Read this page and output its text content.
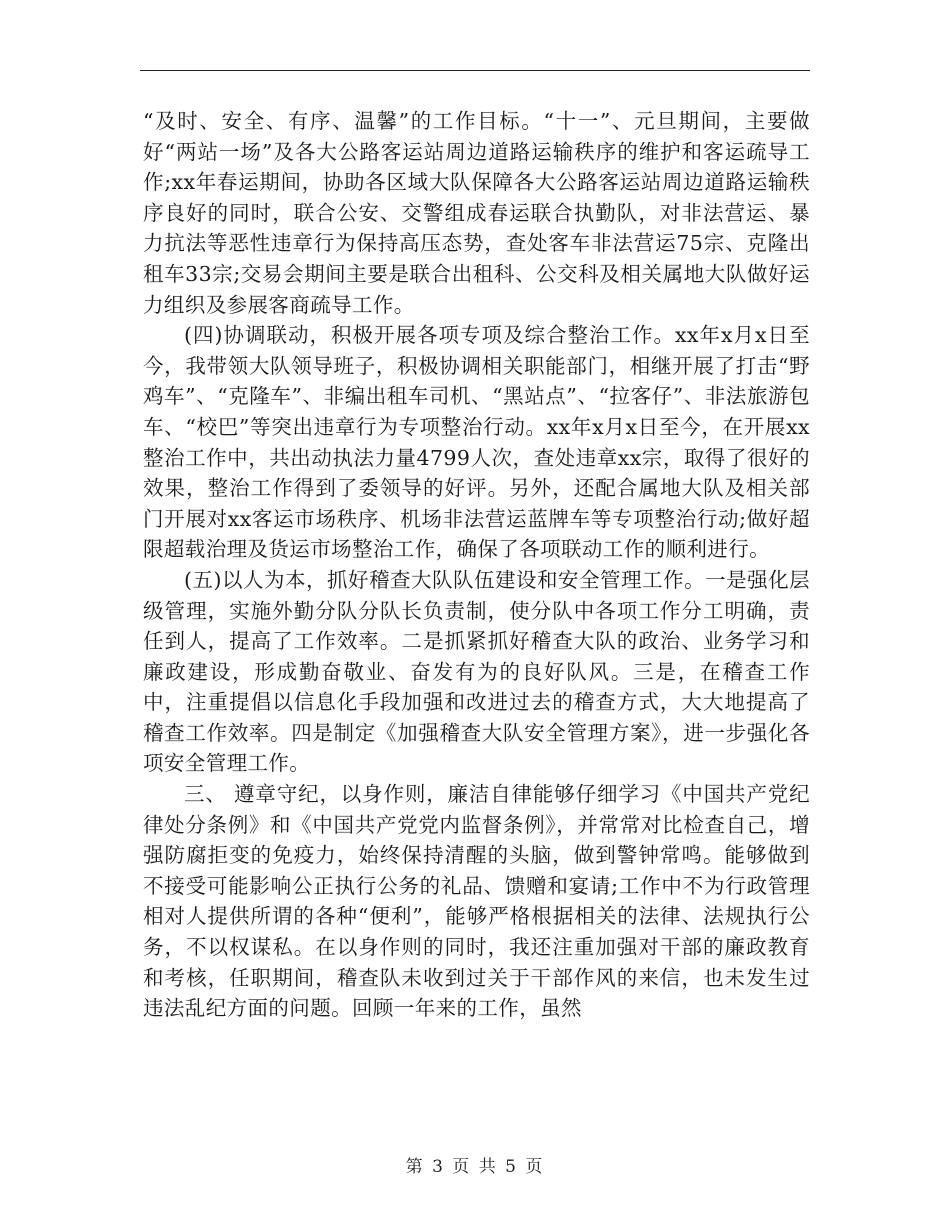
“及时、安全、有序、温馨”的工作目标。“十一”、元旦期间，主要做好“两站一场”及各大公路客运站周边道路运输秩序的维护和客运疏导工作;xx年春运期间，协助各区域大队保障各大公路客运站周边道路运输秩序良好的同时，联合公安、交警组成春运联合执勤队，对非法营运、暴力抗法等恶性违章行为保持高压态势，查处客车非法营运75宗、克隆出租车33宗;交易会期间主要是联合出租科、公交科及相关属地大队做好运力组织及参展客商疏导工作。

(四)协调联动，积极开展各项专项及综合整治工作。xx年x月x日至今，我带领大队领导班子，积极协调相关职能部门，相继开展了打击“野鸡车”、“克隆车”、非编出租车司机、“黑站点”、“拉客仔”、非法旅游包车、“校巴”等突出违章行为专项整治行动。xx年x月x日至今，在开展xx整治工作中，共出动执法力量4799人次，查处违章xx宗，取得了很好的效果，整治工作得到了委领导的好评。另外，还配合属地大队及相关部门开展对xx客运市场秩序、机场非法营运蓝牌车等专项整治行动;做好超限超载治理及货运市场整治工作，确保了各项联动工作的顺利进行。

(五)以人为本，抓好稽查大队队伍建设和安全管理工作。一是强化层级管理，实施外勤分队分队长负责制，使分队中各项工作分工明确，责任到人，提高了工作效率。二是抓紧抓好稽查大队的政治、业务学习和廉政建设，形成勤奋敬业、奋发有为的良好队风。三是，在稽查工作中，注重提倡以信息化手段加强和改进过去的稽查方式，大大地提高了稽查工作效率。四是制定《加强稽查大队安全管理方案》，进一步强化各项安全管理工作。

三、 遵章守纪，以身作则，廉洁自律能够仔细学习《中国共产党纪律处分条例》和《中国共产党党内监督条例》，并常常对比检查自己，增强防腐拒变的免疫力，始终保持清醒的头脑，做到警钟常鸣。能够做到不接受可能影响公正执行公务的礼品、馈赠和宴请;工作中不为行政管理相对人提供所谓的各种“便利”，能够严格根据相关的法律、法规执行公务，不以权谋私。在以身作则的同时，我还注重加强对干部的廉政教育和考核，任职期间，稽查队未收到过关于干部作风的来信，也未发生过违法乱纪方面的问题。回顾一年来的工作，虽然

第 3 页 共 5 页
